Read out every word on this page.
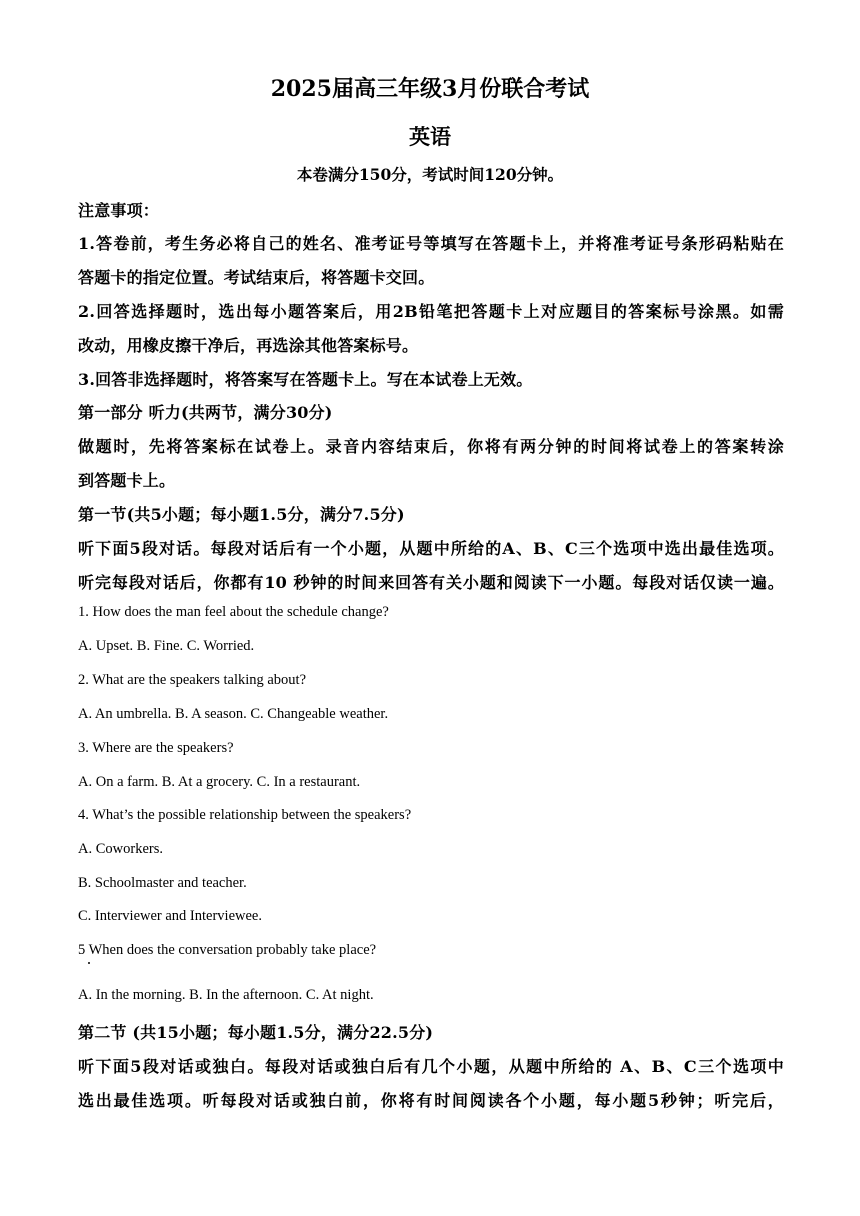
2025届高三年级3月份联合考试
英语
本卷满分150分，考试时间120分钟。
注意事项：
1.答卷前，考生务必将自己的姓名、准考证号等填写在答题卡上，并将准考证号条形码粘贴在
答题卡的指定位置。考试结束后，将答题卡交回。
2.回答选择题时，选出每小题答案后，用2B铅笔把答题卡上对应题目的答案标号涂黑。如需
改动，用橡皮擦干净后，再选涂其他答案标号。
3.回答非选择题时，将答案写在答题卡上。写在本试卷上无效。
第一部分 听力(共两节，满分30分)
做题时，先将答案标在试卷上。录音内容结束后，你将有两分钟的时间将试卷上的答案转涂
到答题卡上。
第一节(共5小题；每小题1.5分，满分7.5分)
听下面5段对话。每段对话后有一个小题，从题中所给的A、B、C三个选项中选出最佳选项。
听完每段对话后，你都有10 秒钟的时间来回答有关小题和阅读下一小题。每段对话仅读一遍。
1. How does the man feel about the schedule change?
A. Upset. B. Fine. C. Worried.
2. What are the speakers talking about?
A. An umbrella. B. A season. C. Changeable weather.
3. Where are the speakers?
A. On a farm. B. At a grocery. C. In a restaurant.
4. What’s the possible relationship between the speakers?
A. Coworkers.
B. Schoolmaster and teacher.
C. Interviewer and Interviewee.
5 When does the conversation probably take place?
A. In the morning. B. In the afternoon. C. At night.
第二节 (共15小题；每小题1.5分，满分22.5分)
听下面5段对话或独白。每段对话或独白后有几个小题，从题中所给的 A、B、C三个选项中
选出最佳选项。听每段对话或独白前，你将有时间阅读各个小题，每小题5秒钟；听完后，
